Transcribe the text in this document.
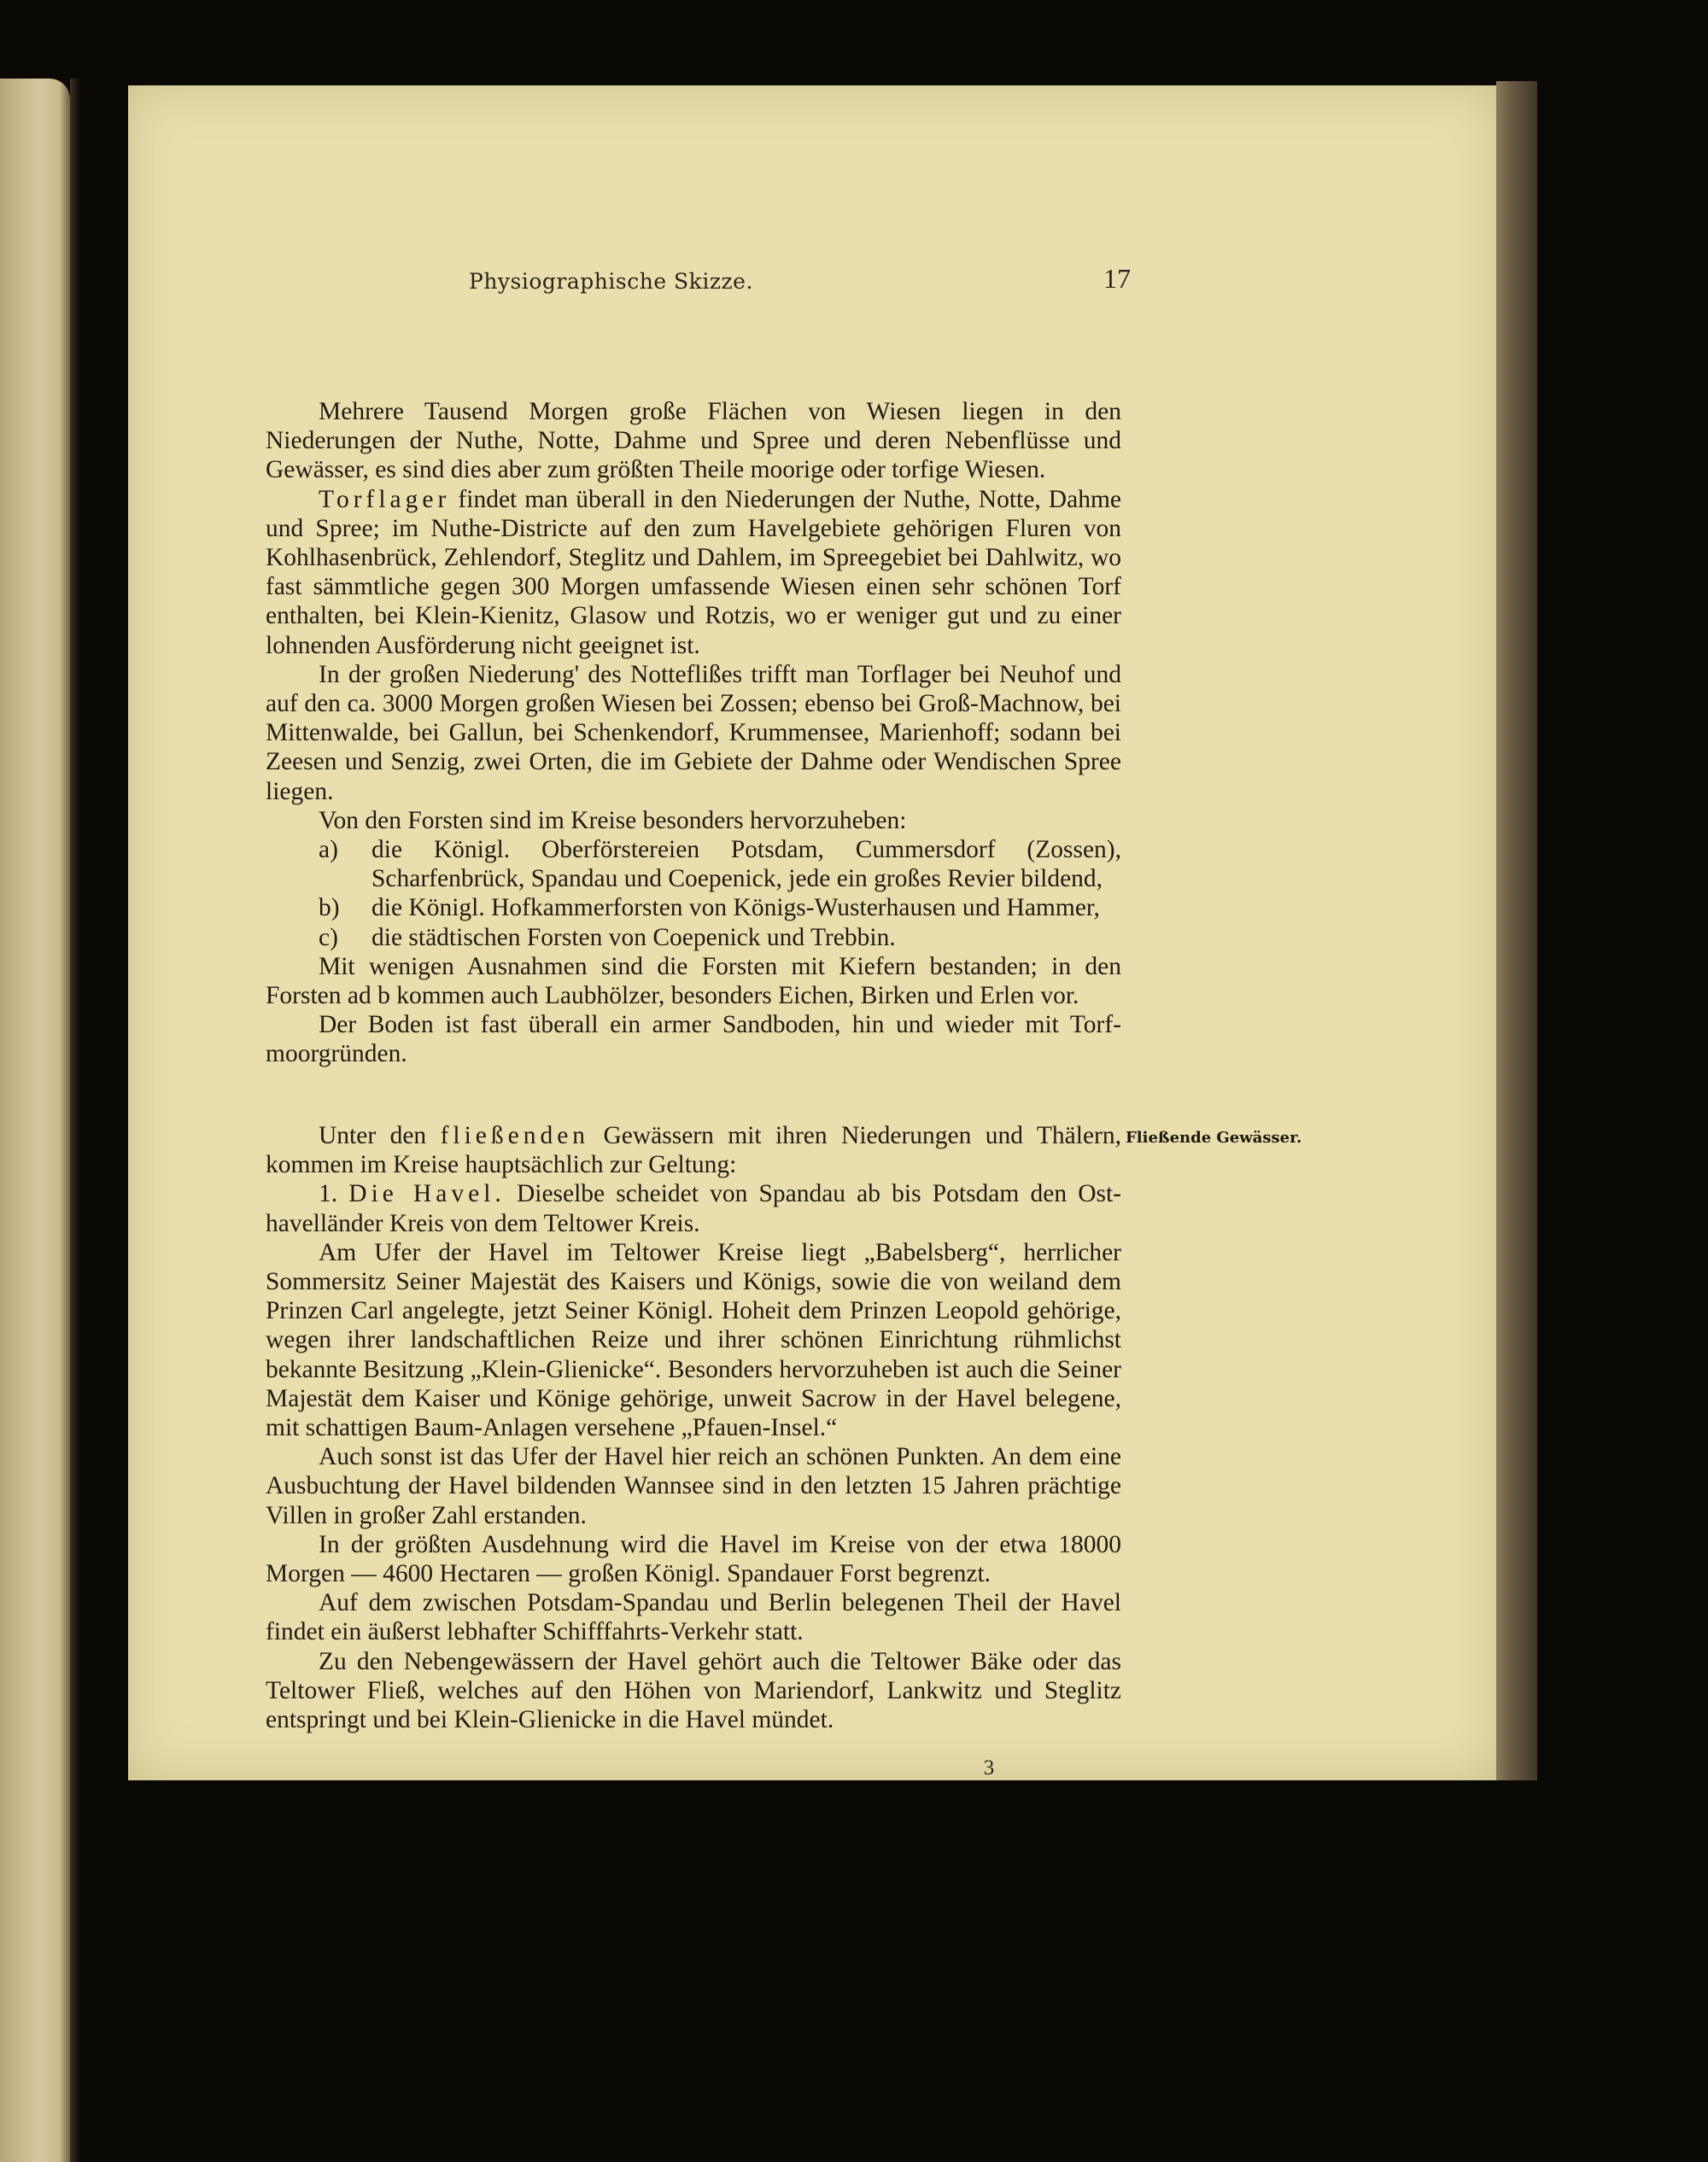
Physiographische Skizze.	17

Mehrere Tausend Morgen große Flächen von Wiesen liegen in den Niederungen der Nuthe, Notte, Dahme und Spree und deren Nebenflüsse und Gewässer, es sind dies aber zum größten Theile moorige oder torfige Wiesen.

Torflager findet man überall in den Niederungen der Nuthe, Notte, Dahme und Spree; im Nuthe-Districte auf den zum Havelgebiete gehörigen Fluren von Kohlhasenbrück, Zehlendorf, Steglitz und Dahlem, im Spreegebiet bei Dahlwitz, wo fast sämmtliche gegen 300 Morgen umfassende Wiesen einen sehr schönen Torf enthalten, bei Klein-Kienitz, Glasow und Rotzis, wo er weniger gut und zu einer lohnenden Ausförderung nicht geeignet ist.

In der großen Niederung' des Notteflißes trifft man Torflager bei Neuhof und auf den ca. 3000 Morgen großen Wiesen bei Zossen; ebenso bei Groß-Machnow, bei Mittenwalde, bei Gallun, bei Schenkendorf, Krummensee, Marienhoff; sodann bei Zeesen und Senzig, zwei Orten, die im Gebiete der Dahme oder Wendischen Spree liegen.

Von den Forsten sind im Kreise besonders hervorzuheben:

a)	die Königl. Oberförstereien Potsdam, Cummersdorf (Zossen), Scharfenbrück, Spandau und Coepenick, jede ein großes Revier bildend,
b)	die Königl. Hofkammerforsten von Königs-Wusterhausen und Hammer,
c)	die städtischen Forsten von Coepenick und Trebbin.

Mit wenigen Ausnahmen sind die Forsten mit Kiefern bestanden; in den Forsten ad b kommen auch Laubhölzer, besonders Eichen, Birken und Erlen vor.

Der Boden ist fast überall ein armer Sandboden, hin und wieder mit Torf-moorgründen.

Fließende Gewässer.

Unter den fließenden Gewässern mit ihren Niederungen und Thälern, kommen im Kreise hauptsächlich zur Geltung:

1. Die Havel. Dieselbe scheidet von Spandau ab bis Potsdam den Ost-havelländer Kreis von dem Teltower Kreis.

Am Ufer der Havel im Teltower Kreise liegt „Babelsberg“, herrlicher Sommersitz Seiner Majestät des Kaisers und Königs, sowie die von weiland dem Prinzen Carl angelegte, jetzt Seiner Königl. Hoheit dem Prinzen Leopold gehörige, wegen ihrer landschaftlichen Reize und ihrer schönen Einrichtung rühmlichst bekannte Besitzung „Klein-Glienicke“. Besonders hervorzuheben ist auch die Seiner Majestät dem Kaiser und Könige gehörige, unweit Sacrow in der Havel belegene, mit schattigen Baum-Anlagen versehene „Pfauen-Insel.“

Auch sonst ist das Ufer der Havel hier reich an schönen Punkten. An dem eine Ausbuchtung der Havel bildenden Wannsee sind in den letzten 15 Jahren prächtige Villen in großer Zahl erstanden.

In der größten Ausdehnung wird die Havel im Kreise von der etwa 18000 Morgen — 4600 Hectaren — großen Königl. Spandauer Forst begrenzt.

Auf dem zwischen Potsdam-Spandau und Berlin belegenen Theil der Havel findet ein äußerst lebhafter Schifffahrts-Verkehr statt.

Zu den Nebengewässern der Havel gehört auch die Teltower Bäke oder das Teltower Fließ, welches auf den Höhen von Mariendorf, Lankwitz und Steglitz entspringt und bei Klein-Glienicke in die Havel mündet.

3
